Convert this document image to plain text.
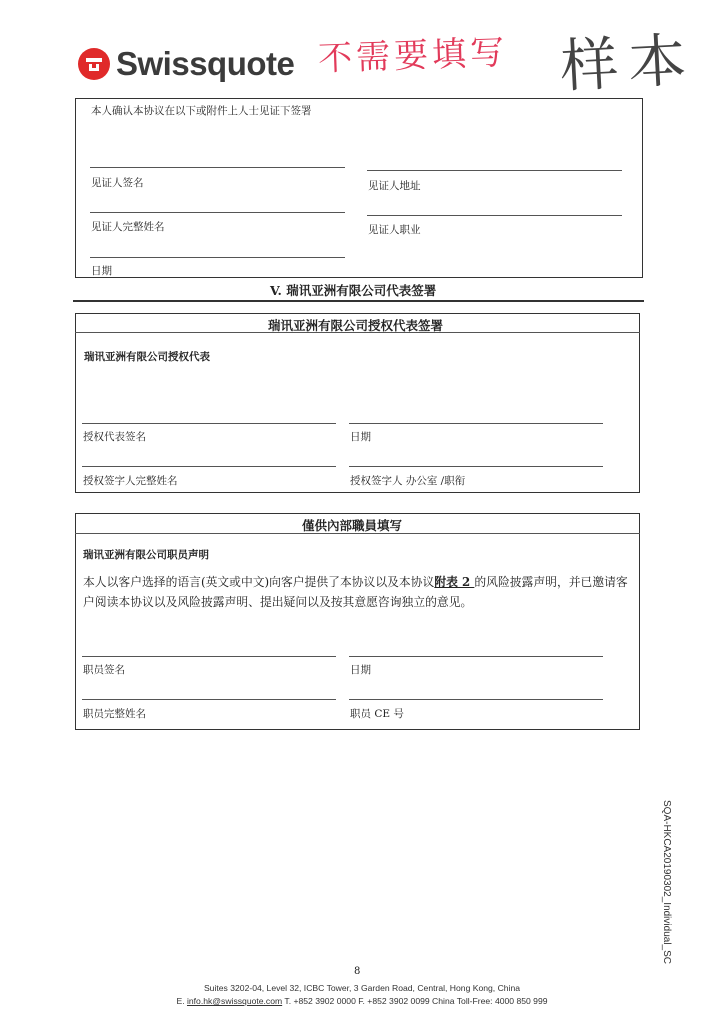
Swissquote 不需要填写 样本
本人确认本协议在以下或附件上人士见证下签署
见证人签名	见证人地址
见证人完整姓名	见证人职业
日期
V. 瑞讯亚洲有限公司代表签署
瑞讯亚洲有限公司授权代表签署
瑞讯亚洲有限公司授权代表
授权代表签名	日期
授权签字人完整姓名	授权签字人 办公室 /职衔
僅供內部職員填写
瑞讯亚洲有限公司职员声明
本人以客户选择的语言(英文或中文)向客户提供了本协议以及本协议附表 2 的风险披露声明，并已邀请客户阅读本协议以及风险披露声明、提出疑问以及按其意愿咨询独立的意见。
职员签名	日期
职员完整姓名	职员 CE 号
SQA-HKCA20190302_Individual_SC
8
Suites 3202-04, Level 32, ICBC Tower, 3 Garden Road, Central, Hong Kong, China
E. info.hk@swissquote.com T. +852 3902 0000 F. +852 3902 0099 China Toll-Free: 4000 850 999
